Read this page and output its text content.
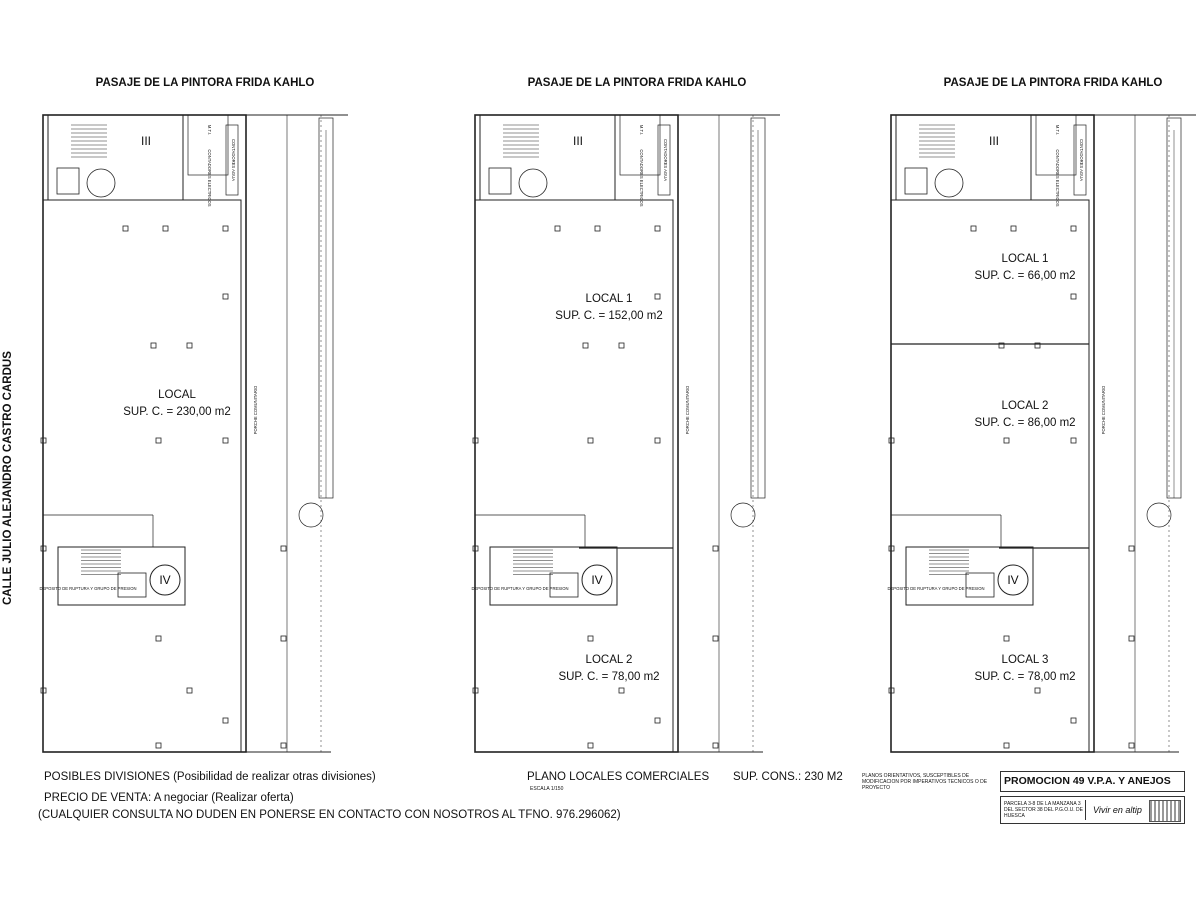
PASAJE DE LA PINTORA FRIDA KAHLO
III
IV
M.T.I.
CONTADORES ELECTRICOS	CONTADORES AGUA
PORCHE COMUNITARIO
DEPOSITO DE RUPTURA Y GRUPO DE PRESION
LOCAL
SUP. C. = 230,00 m2
PASAJE DE LA PINTORA FRIDA KAHLO
III
IV
M.T.I.
CONTADORES ELECTRICOS	CONTADORES AGUA
PORCHE COMUNITARIO
DEPOSITO DE RUPTURA Y GRUPO DE PRESION
LOCAL 1
SUP. C. = 152,00 m2
LOCAL 2
SUP. C. = 78,00 m2
PASAJE DE LA PINTORA FRIDA KAHLO
III
IV
M.T.I.
CONTADORES ELECTRICOS	CONTADORES AGUA
PORCHE COMUNITARIO
DEPOSITO DE RUPTURA Y GRUPO DE PRESION
LOCAL 1
SUP. C. = 66,00 m2
LOCAL 2
SUP. C. = 86,00 m2
LOCAL 3
SUP. C. = 78,00 m2
CALLE JULIO ALEJANDRO CASTRO CARDUS
POSIBLES DIVISIONES (Posibilidad de realizar otras divisiones)
PRECIO DE VENTA: A negociar (Realizar oferta)
(CUALQUIER CONSULTA NO DUDEN EN PONERSE EN CONTACTO CON NOSOTROS AL TFNO. 976.296062)
PLANO LOCALES COMERCIALES SUP. CONS.: 230 M2
ESCALA 1/150
PLANOS ORIENTATIVOS, SUSCEPTIBLES DE MODIFICACION POR IMPERATIVOS TECNICOS O DE PROYECTO
PROMOCION 49 V.P.A. Y ANEJOS
PARCELA 3-8 DE LA MANZANA 3 DEL SECTOR 38 DEL P.G.O.U. DE HUESCA
Vivir en altip
